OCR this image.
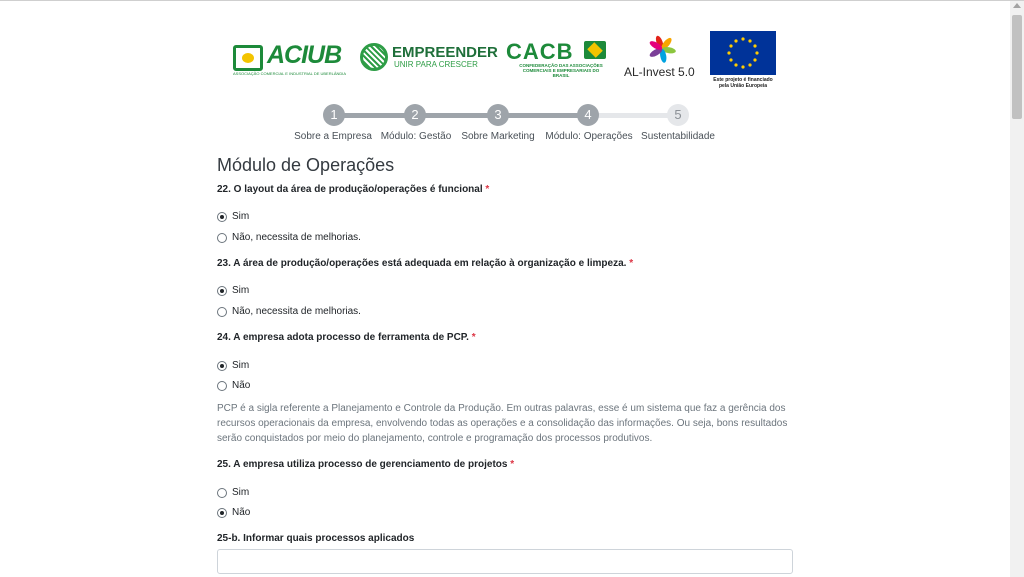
ACIUB
ASSOCIAÇÃO COMERCIAL E INDUSTRIAL DE UBERLÂNDIA
EMPREENDER
UNIR PARA CRESCER
CACB
CONFEDERAÇÃO DAS ASSOCIAÇÕES COMERCIAIS E EMPRESARIAIS DO BRASIL	AL-Invest 5.0
Este projeto é financiado pela União Europeia
1	2	3	4	5
Sobre a Empresa Módulo: Gestão Sobre Marketing Módulo: Operações Sustentabilidade
Módulo de Operações
22. O layout da área de produção/operações é funcional *
Sim
Não, necessita de melhorias.
23. A área de produção/operações está adequada em relação à organização e limpeza. *
Sim
Não, necessita de melhorias.
24. A empresa adota processo de ferramenta de PCP. *
Sim
Não
PCP é a sigla referente a Planejamento e Controle da Produção. Em outras palavras, esse é um sistema que faz a gerência dos recursos operacionais da empresa, envolvendo todas as operações e a consolidação das informações. Ou seja, bons resultados serão conquistados por meio do planejamento, controle e programação dos processos produtivos.
25. A empresa utiliza processo de gerenciamento de projetos *
Sim
Não
25-b. Informar quais processos aplicados
